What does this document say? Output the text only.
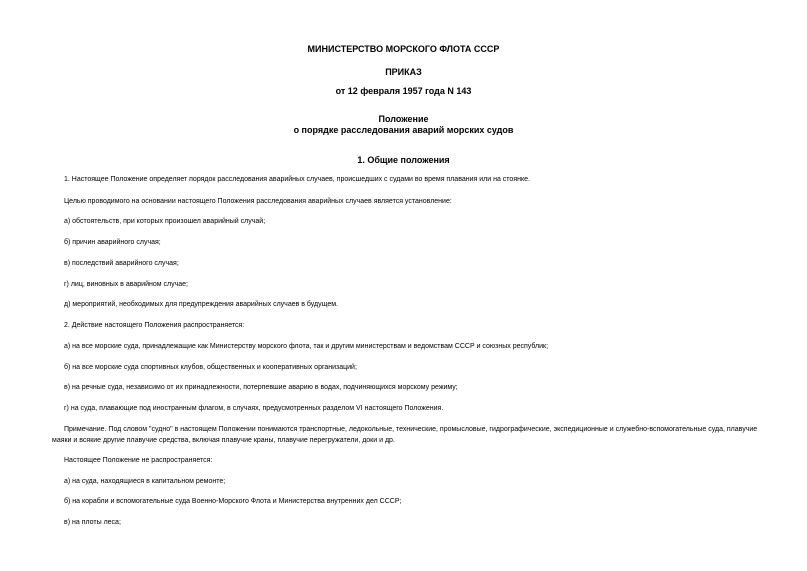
МИНИСТЕРСТВО МОРСКОГО ФЛОТА СССР
ПРИКАЗ
от 12 февраля 1957 года N 143
Положение
о порядке расследования аварий морских судов
1. Общие положения
1. Настоящее Положение определяет порядок расследования аварийных случаев, происшедших с судами во время плавания или на стоянке.
Целью проводимого на основании настоящего Положения расследования аварийных случаев является установление:
а) обстоятельств, при которых произошел аварийный случай;
б) причин аварийного случая;
в) последствий аварийного случая;
г) лиц, виновных в аварийном случае;
д) мероприятий, необходимых для предупреждения аварийных случаев в будущем.
2. Действие настоящего Положения распространяется:
а) на все морские суда, принадлежащие как Министерству морского флота, так и другим министерствам и ведомствам СССР и союзных республик;
б) на все морские суда спортивных клубов, общественных и кооперативных организаций;
в) на речные суда, независимо от их принадлежности, потерпевшие аварию в водах, подчиняющихся морскому режиму;
г) на суда, плавающие под иностранным флагом, в случаях, предусмотренных разделом VI настоящего Положения.
Примечание. Под словом "судно" в настоящем Положении понимаются транспортные, ледокольные, технические, промысловые, гидрографические, экспедиционные и служебно-вспомогательные суда, плавучие
маяки и всякие другие плавучие средства, включая плавучие краны, плавучие перегружатели, доки и др.
Настоящее Положение не распространяется:
а) на суда, находящиеся в капитальном ремонте;
б) на корабли и вспомогательные суда Военно-Морского Флота и Министерства внутренних дел СССР;
в) на плоты леса;
